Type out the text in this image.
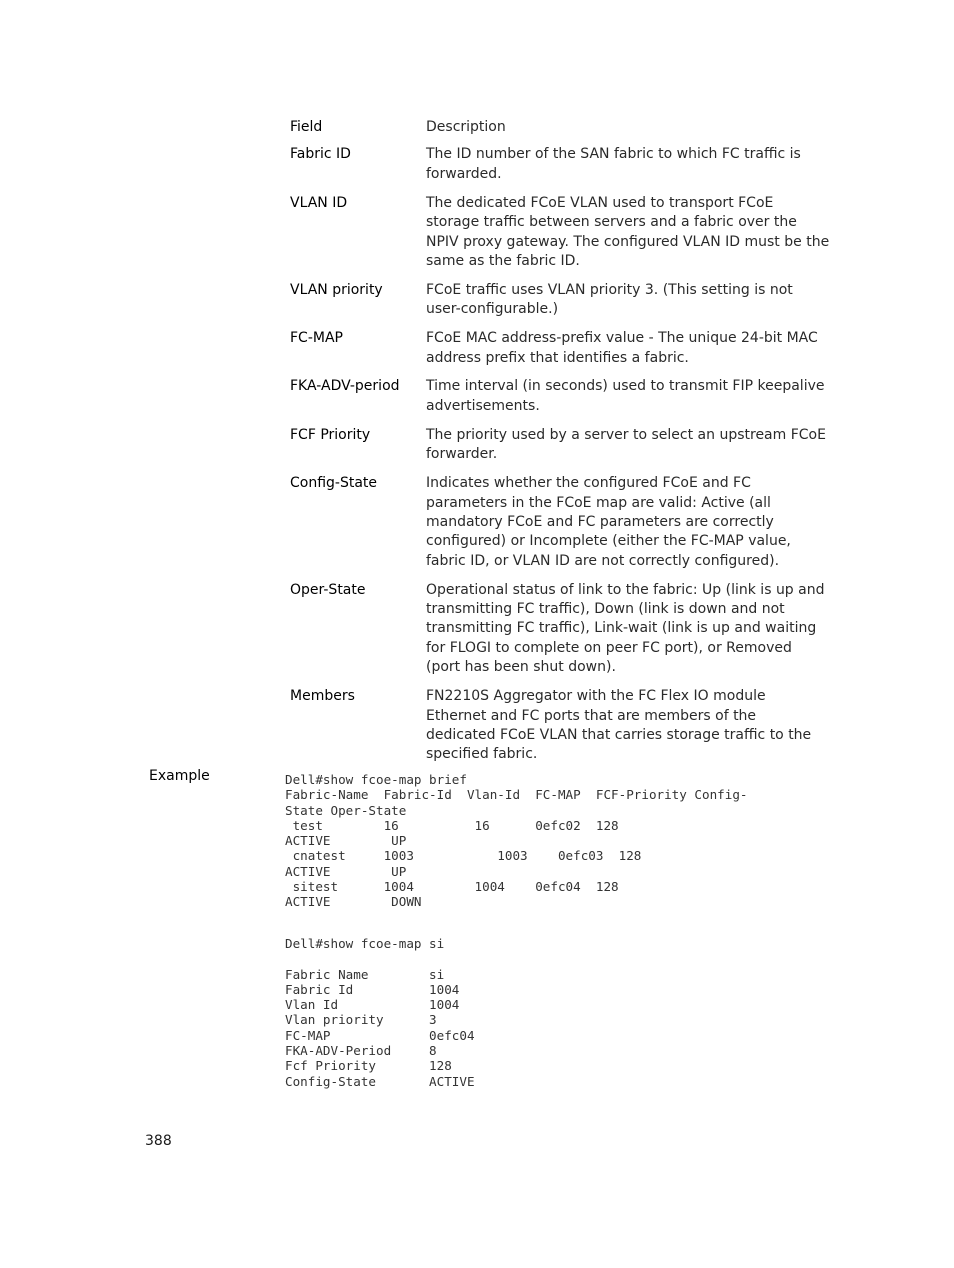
Field	Description
Fabric ID	The ID number of the SAN fabric to which FC traffic is forwarded.
VLAN ID	The dedicated FCoE VLAN used to transport FCoE storage traffic between servers and a fabric over the NPIV proxy gateway. The configured VLAN ID must be the same as the fabric ID.
VLAN priority	FCoE traffic uses VLAN priority 3. (This setting is not user-configurable.)
FC-MAP	FCoE MAC address-prefix value - The unique 24-bit MAC address prefix that identifies a fabric.
FKA-ADV-period	Time interval (in seconds) used to transmit FIP keepalive advertisements.
FCF Priority	The priority used by a server to select an upstream FCoE forwarder.
Config-State	Indicates whether the configured FCoE and FC parameters in the FCoE map are valid: Active (all mandatory FCoE and FC parameters are correctly configured) or Incomplete (either the FC-MAP value, fabric ID, or VLAN ID are not correctly configured).
Oper-State	Operational status of link to the fabric: Up (link is up and transmitting FC traffic), Down (link is down and not transmitting FC traffic), Link-wait (link is up and waiting for FLOGI to complete on peer FC port), or Removed (port has been shut down).
Members	FN2210S Aggregator with the FC Flex IO module Ethernet and FC ports that are members of the dedicated FCoE VLAN that carries storage traffic to the specified fabric.
Example	Dell#show fcoe-map brief
Fabric-Name  Fabric-Id  Vlan-Id  FC-MAP  FCF-Priority Config-
State Oper-State
test        16          16      0efc02  128
ACTIVE        UP
cnatest     1003           1003    0efc03  128
ACTIVE        UP
sitest      1004        1004    0efc04  128
ACTIVE        DOWN
Dell#show fcoe-map si

Fabric Name        si
Fabric Id          1004
Vlan Id            1004
Vlan priority      3
FC-MAP             0efc04
FKA-ADV-Period     8
Fcf Priority       128
Config-State       ACTIVE
388
